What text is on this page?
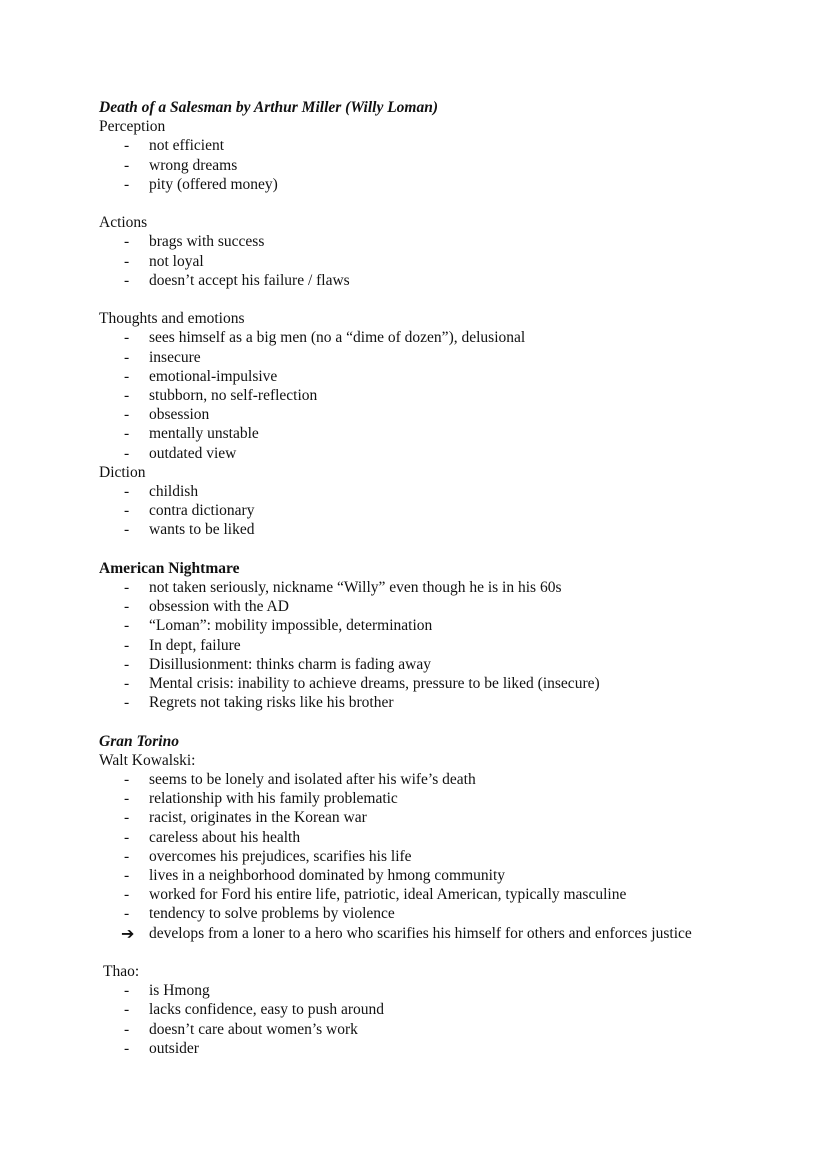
Death of a Salesman by Arthur Miller (Willy Loman)
Perception
-	not efficient
-	wrong dreams
-	pity (offered money)
Actions
-	brags with success
-	not loyal
-	doesn’t accept his failure / flaws
Thoughts and emotions
-	sees himself as a big men (no a “dime of dozen”), delusional
-	insecure
-	emotional-impulsive
-	stubborn, no self-reflection
-	obsession
-	mentally unstable
-	outdated view
Diction
-	childish
-	contra dictionary
-	wants to be liked
American Nightmare
-	not taken seriously, nickname “Willy” even though he is in his 60s
-	obsession with the AD
-	“Loman”: mobility impossible, determination
-	In dept, failure
-	Disillusionment: thinks charm is fading away
-	Mental crisis: inability to achieve dreams, pressure to be liked (insecure)
-	Regrets not taking risks like his brother
Gran Torino
Walt Kowalski:
-	seems to be lonely and isolated after his wife’s death
-	relationship with his family problematic
-	racist, originates in the Korean war
-	careless about his health
-	overcomes his prejudices, scarifies his life
-	lives in a neighborhood dominated by hmong community
-	worked for Ford his entire life, patriotic, ideal American, typically masculine
-	tendency to solve problems by violence
➔ develops from a loner to a hero who scarifies his himself for others and enforces justice
Thao:
-	is Hmong
-	lacks confidence, easy to push around
-	doesn’t care about women’s work
-	outsider
